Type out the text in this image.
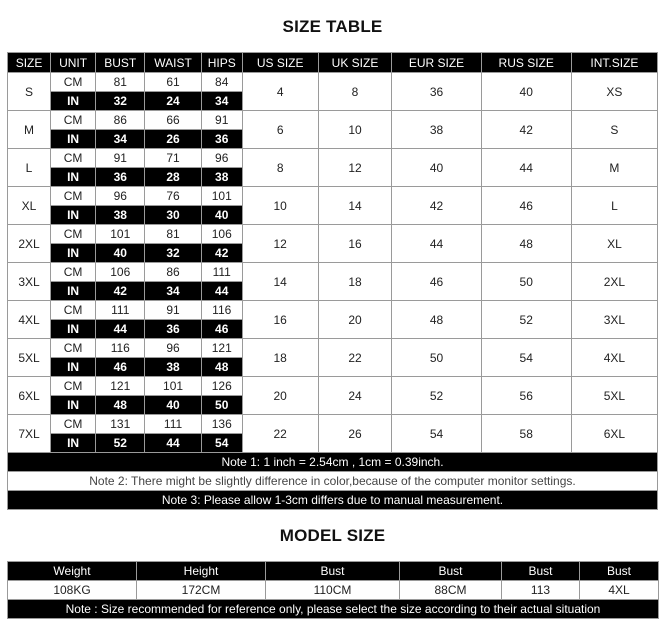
SIZE TABLE
SIZE	UNIT	BUST	WAIST	HIPS	US SIZE	UK SIZE	EUR SIZE	RUS SIZE	INT.SIZE
S	CM	81	61	84	4	8	36	40	XS
	IN	32	24	34					
M	CM	86	66	91	6	10	38	42	S
	IN	34	26	36					
L	CM	91	71	96	8	12	40	44	M
	IN	36	28	38					
XL	CM	96	76	101	10	14	42	46	L
	IN	38	30	40					
2XL	CM	101	81	106	12	16	44	48	XL
	IN	40	32	42					
3XL	CM	106	86	111	14	18	46	50	2XL
	IN	42	34	44					
4XL	CM	111	91	116	16	20	48	52	3XL
	IN	44	36	46					
5XL	CM	116	96	121	18	22	50	54	4XL
	IN	46	38	48					
6XL	CM	121	101	126	20	24	52	56	5XL
	IN	48	40	50					
7XL	CM	131	111	136	22	26	54	58	6XL
	IN	52	44	54					
Note 1: 1 inch = 2.54cm , 1cm = 0.39inch.									
Note 2: There might be slightly difference in color,because of the computer monitor settings.									
Note 3: Please allow 1-3cm differs due to manual measurement.									
MODEL SIZE
Weight	Height	Bust	Bust	Bust	Bust
108KG	172CM	110CM	88CM	113	4XL
Note : Size recommended for reference only, please select the size according to their actual situation					
